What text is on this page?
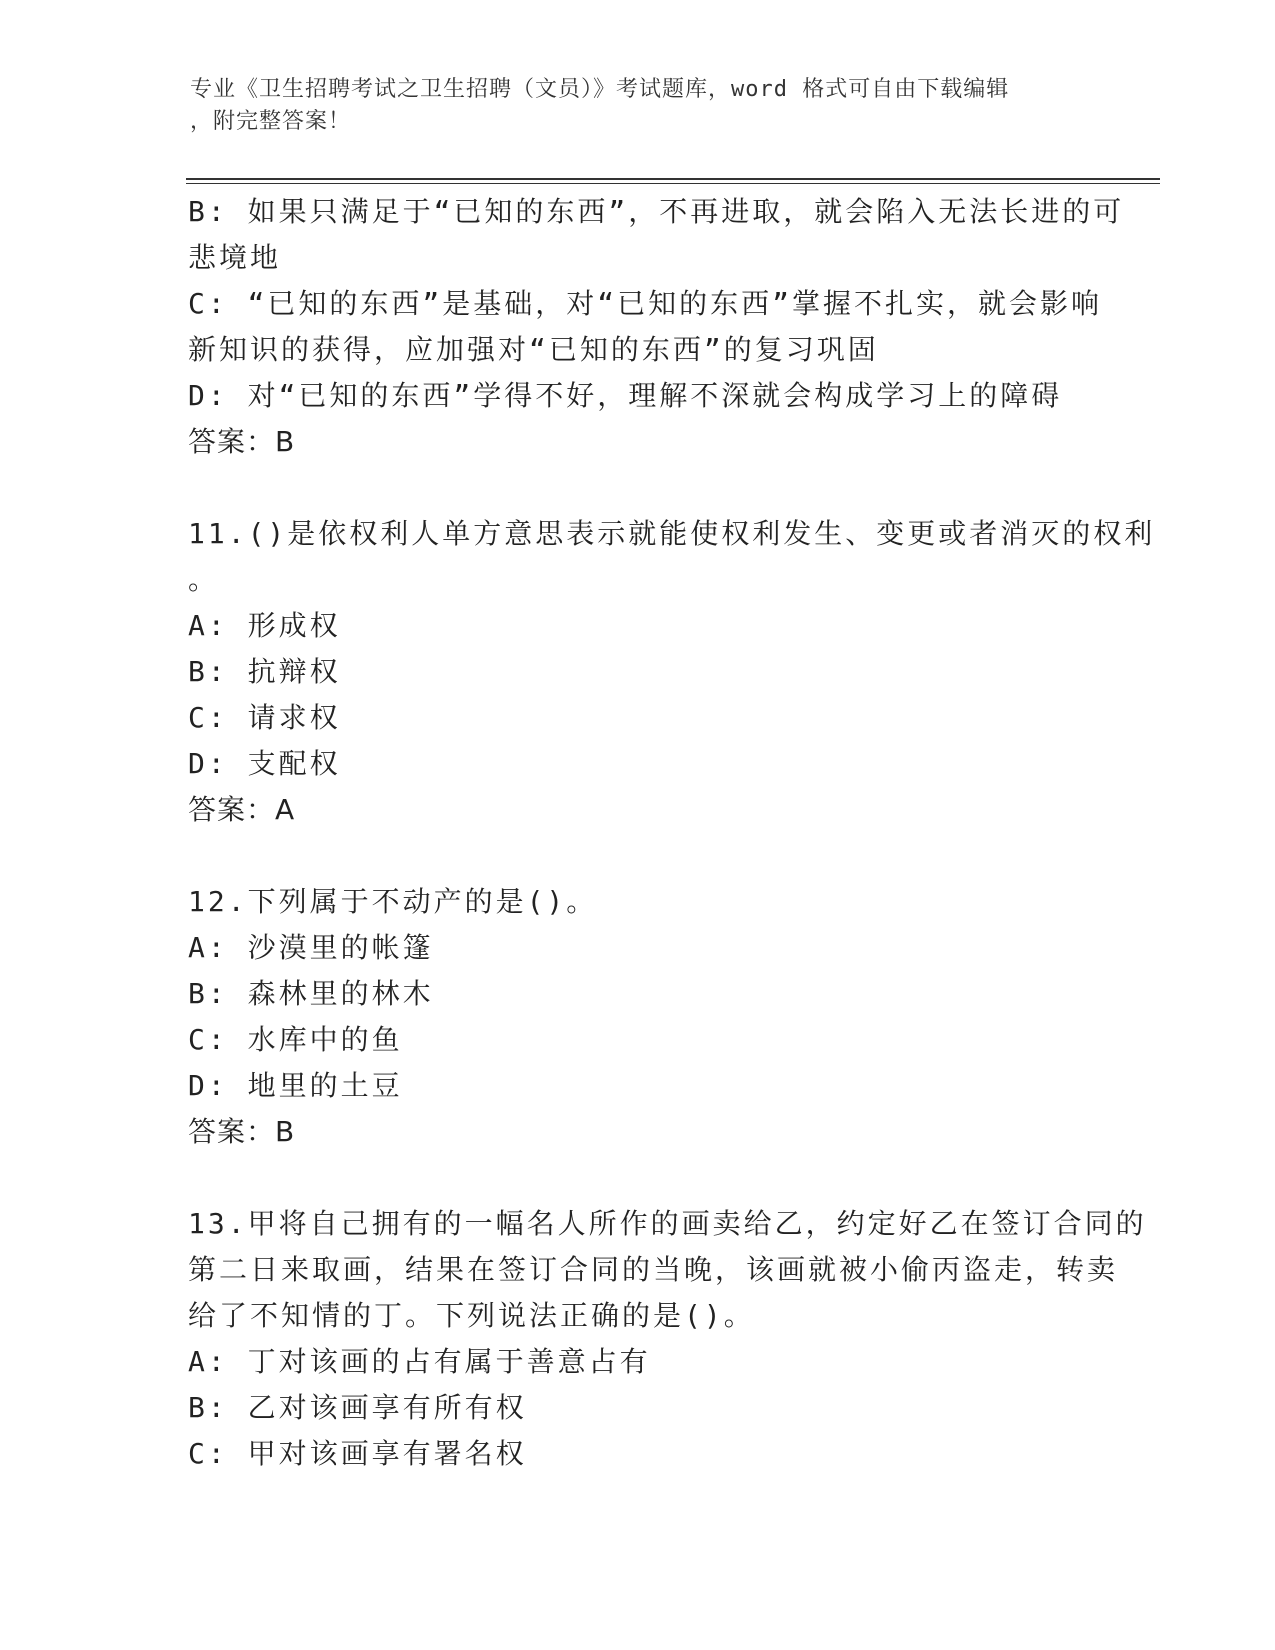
专业《卫生招聘考试之卫生招聘（文员）》考试题库，word 格式可自由下载编辑
，附完整答案！
B: 如果只满足于“已知的东西”，不再进取，就会陷入无法长进的可
悲境地
C: “已知的东西”是基础，对“已知的东西”掌握不扎实，就会影响
新知识的获得，应加强对“已知的东西”的复习巩固
D: 对“已知的东西”学得不好，理解不深就会构成学习上的障碍
答案：B
11.()是依权利人单方意思表示就能使权利发生、变更或者消灭的权利
。
A: 形成权
B: 抗辩权
C: 请求权
D: 支配权
答案：A
12.下列属于不动产的是()。
A: 沙漠里的帐篷
B: 森林里的林木
C: 水库中的鱼
D: 地里的土豆
答案：B
13.甲将自己拥有的一幅名人所作的画卖给乙，约定好乙在签订合同的
第二日来取画，结果在签订合同的当晚，该画就被小偷丙盗走，转卖
给了不知情的丁。下列说法正确的是()。
A: 丁对该画的占有属于善意占有
B: 乙对该画享有所有权
C: 甲对该画享有署名权
